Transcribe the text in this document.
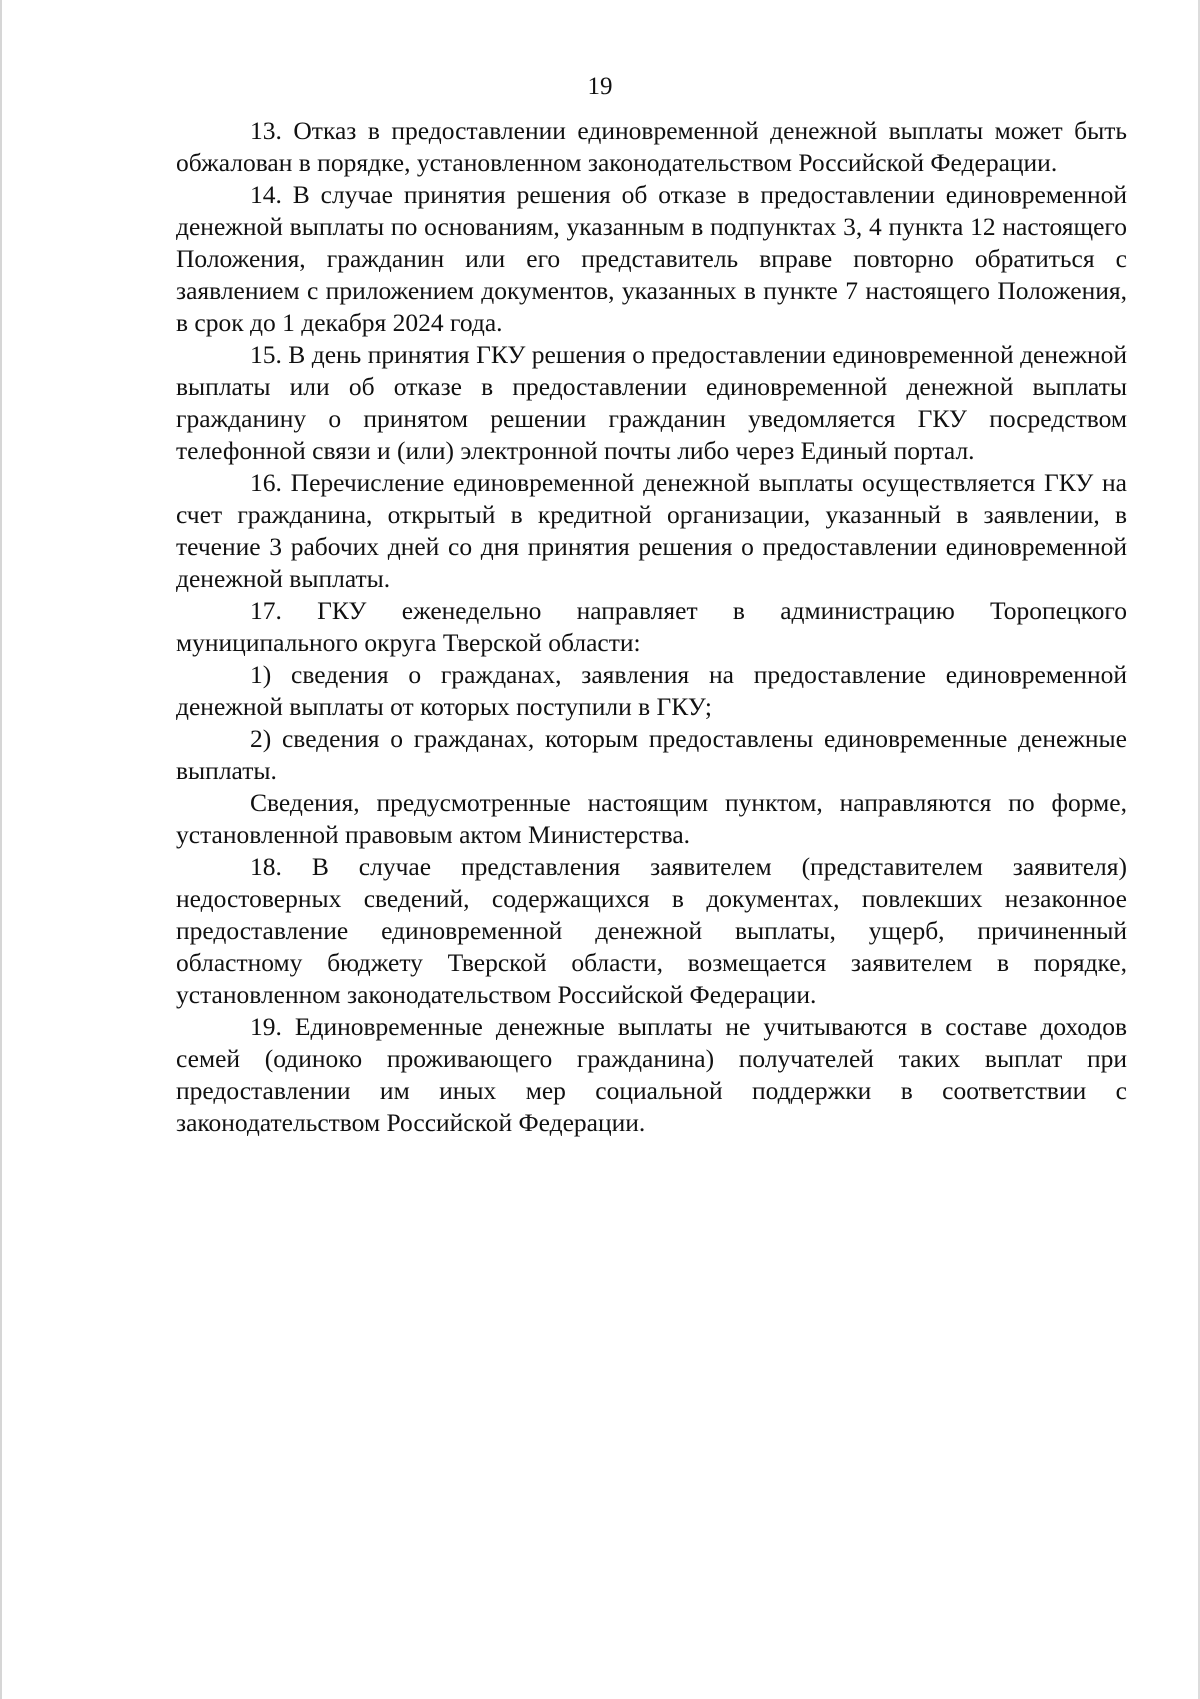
19

13. Отказ в предоставлении единовременной денежной выплаты может быть обжалован в порядке, установленном законодательством Российской Федерации.

14. В случае принятия решения об отказе в предоставлении единовременной денежной выплаты по основаниям, указанным в подпунктах 3, 4 пункта 12 настоящего Положения, гражданин или его представитель вправе повторно обратиться с заявлением с приложением документов, указанных в пункте 7 настоящего Положения, в срок до 1 декабря 2024 года.

15. В день принятия ГКУ решения о предоставлении единовременной денежной выплаты или об отказе в предоставлении единовременной денежной выплаты гражданину о принятом решении гражданин уведомляется ГКУ посредством телефонной связи и (или) электронной почты либо через Единый портал.

16. Перечисление единовременной денежной выплаты осуществляется ГКУ на счет гражданина, открытый в кредитной организации, указанный в заявлении, в течение 3 рабочих дней со дня принятия решения о предоставлении единовременной денежной выплаты.

17. ГКУ еженедельно направляет в администрацию Торопецкого муниципального округа Тверской области:

1) сведения о гражданах, заявления на предоставление единовременной денежной выплаты от которых поступили в ГКУ;

2) сведения о гражданах, которым предоставлены единовременные денежные выплаты.

Сведения, предусмотренные настоящим пунктом, направляются по форме, установленной правовым актом Министерства.

18. В случае представления заявителем (представителем заявителя) недостоверных сведений, содержащихся в документах, повлекших незаконное предоставление единовременной денежной выплаты, ущерб, причиненный областному бюджету Тверской области, возмещается заявителем в порядке, установленном законодательством Российской Федерации.

19. Единовременные денежные выплаты не учитываются в составе доходов семей (одиноко проживающего гражданина) получателей таких выплат при предоставлении им иных мер социальной поддержки в соответствии с законодательством Российской Федерации.
